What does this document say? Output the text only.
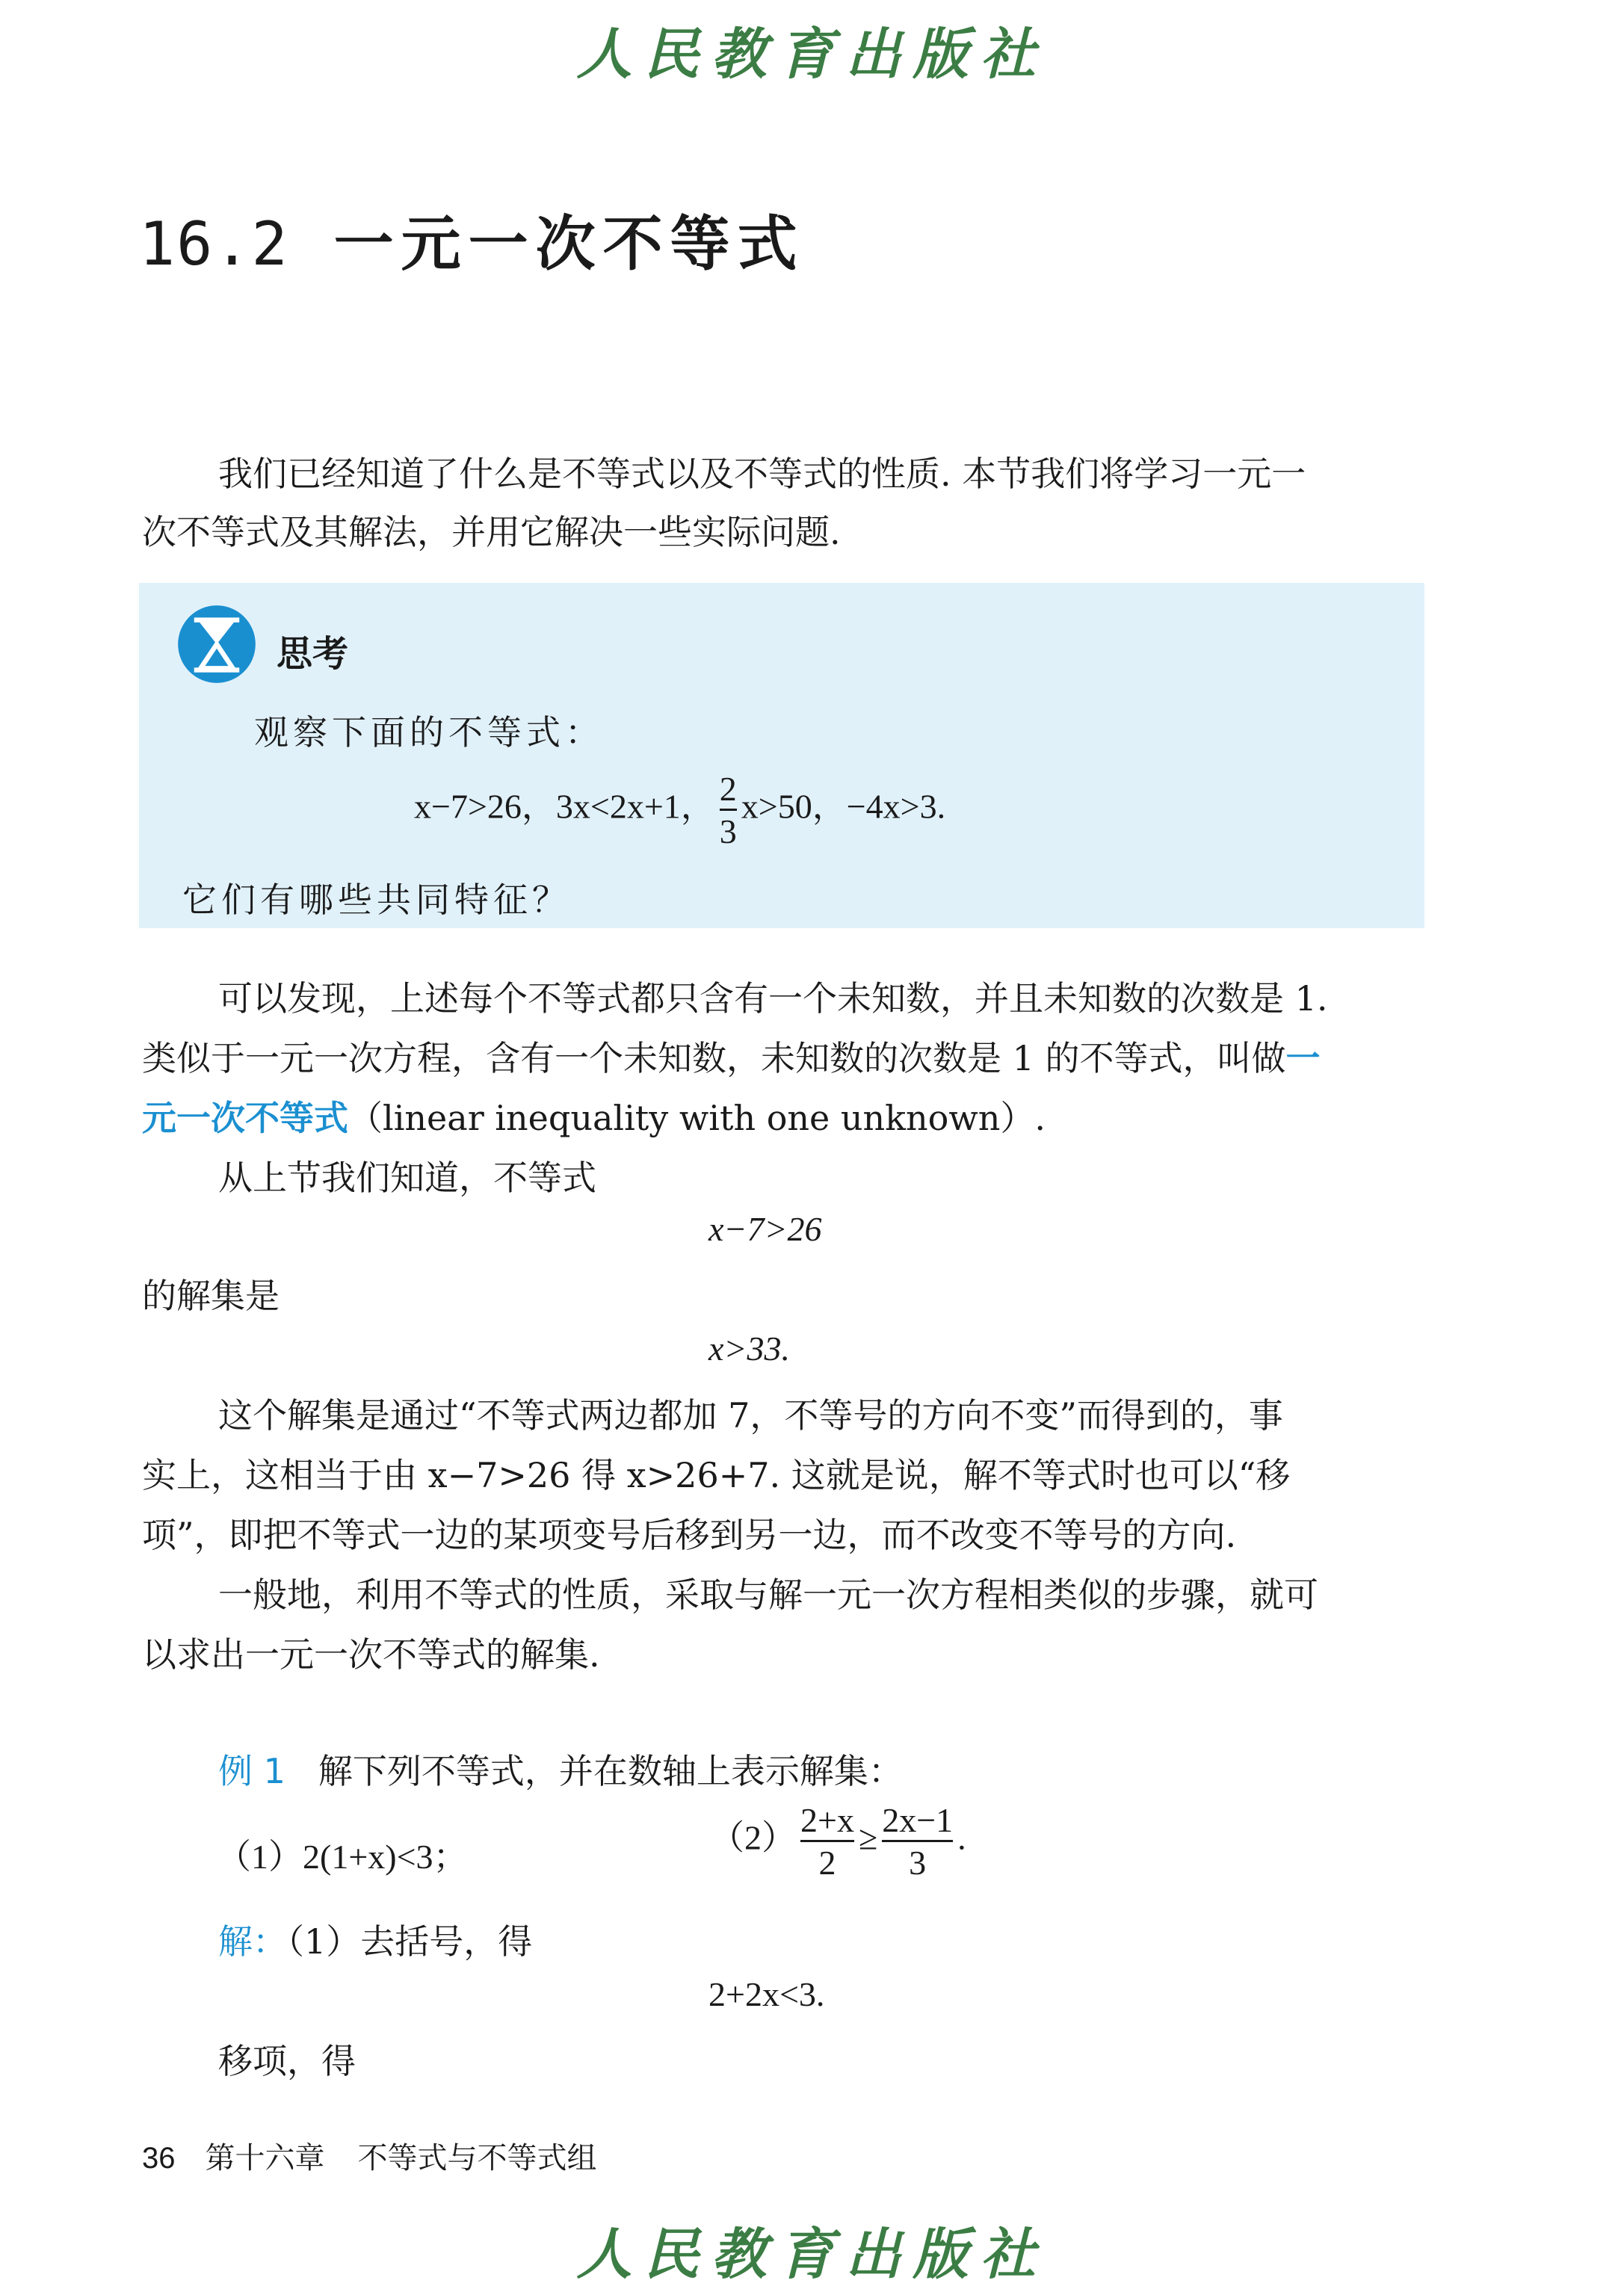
人民教育出版社
16.2 一元一次不等式

我们已经知道了什么是不等式以及不等式的性质. 本节我们将学习一元一

次不等式及其解法，并用它解决一些实际问题.

思考

观察下面的不等式：

x−7>26，3x<2x+1， $\frac{2}{3} x>50$，−4x>3.

它们有哪些共同特征？

可以发现，上述每个不等式都只含有一个未知数，并且未知数的次数是 1.

类似于一元一次方程，含有一个未知数，未知数的次数是 1 的不等式，叫做一

元一次不等式（linear inequality with one unknown）.

从上节我们知道，不等式

x−7>26

的解集是

x>33.

这个解集是通过“不等式两边都加 7，不等号的方向不变”而得到的，事

实上，这相当于由 x−7>26 得 x>26+7. 这就是说，解不等式时也可以“移

项”，即把不等式一边的某项变号后移到另一边，而不改变不等号的方向.

一般地，利用不等式的性质，采取与解一元一次方程相类似的步骤，就可

以求出一元一次不等式的解集.

例 1 解下列不等式，并在数轴上表示解集：

（1）2(1+x)<3；	$(2) \frac{2+x}{2} \ge \frac{2x-1}{3}$ .

解：（1）去括号，得

2+2x<3.

移项，得

36 第十六章 不等式与不等式组
人民教育出版社
